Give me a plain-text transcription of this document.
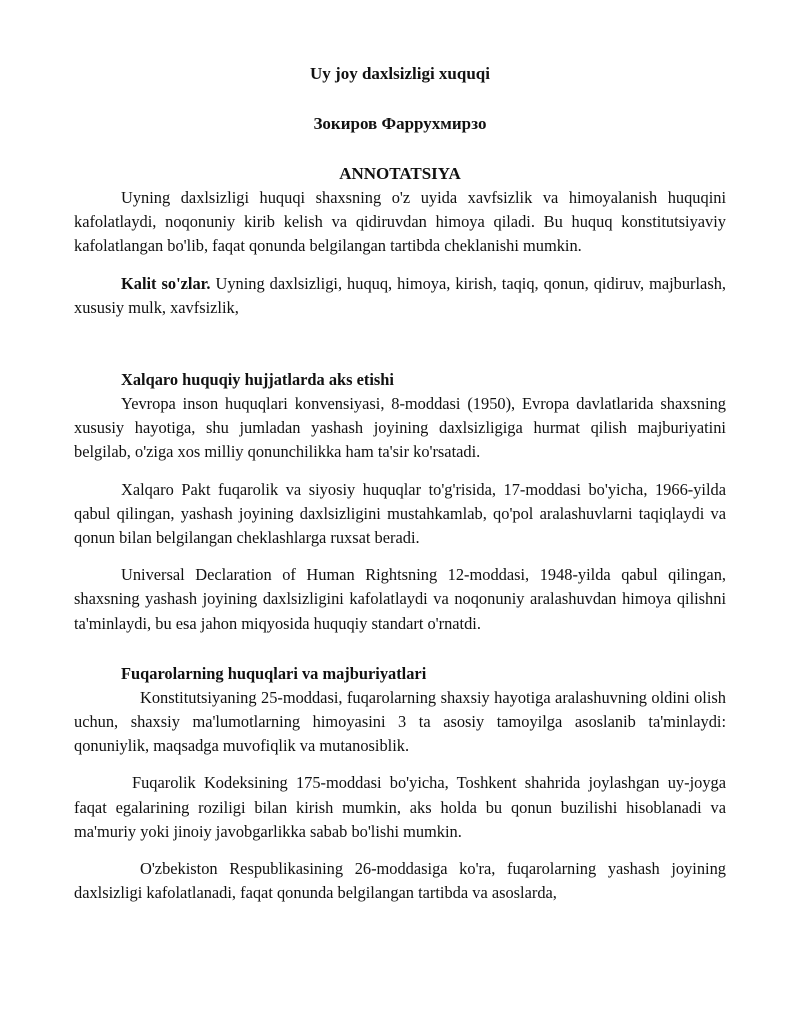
Uy joy daxlsizligi xuquqi
Зокиров Фаррухмирзо
ANNOTATSIYA

Uyning daxlsizligi huquqi shaxsning o'z uyida xavfsizlik va himoyalanish huquqini kafolatlaydi, noqonuniy kirib kelish va qidiruvdan himoya qiladi. Bu huquq konstitutsiyaviy kafolatlangan bo'lib, faqat qonunda belgilangan tartibda cheklanishi mumkin.

Kalit so'zlar. Uyning daxlsizligi, huquq, himoya, kirish, taqiq, qonun, qidiruv, majburlash, xususiy mulk, xavfsizlik,

Xalqaro huquqiy hujjatlarda aks etishi

Yevropa inson huquqlari konvensiyasi, 8-moddasi (1950), Evropa davlatlarida shaxsning xususiy hayotiga, shu jumladan yashash joyining daxlsizligiga hurmat qilish majburiyatini belgilab, o'ziga xos milliy qonunchilikka ham ta'sir ko'rsatadi.

Xalqaro Pakt fuqarolik va siyosiy huquqlar to'g'risida, 17-moddasi bo'yicha, 1966-yilda qabul qilingan, yashash joyining daxlsizligini mustahkamlab, qo'pol aralashuvlarni taqiqlaydi va qonun bilan belgilangan cheklashlarga ruxsat beradi.

Universal Declaration of Human Rightsning 12-moddasi, 1948-yilda qabul qilingan, shaxsning yashash joyining daxlsizligini kafolatlaydi va noqonuniy aralashuvdan himoya qilishni ta'minlaydi, bu esa jahon miqyosida huquqiy standart o'rnatdi.

Fuqarolarning huquqlari va majburiyatlari

Konstitutsiyaning 25-moddasi, fuqarolarning shaxsiy hayotiga aralashuvning oldini olish uchun, shaxsiy ma'lumotlarning himoyasini 3 ta asosiy tamoyilga asoslanib ta'minlaydi: qonuniylik, maqsadga muvofiqlik va mutanosiblik.

Fuqarolik Kodeksining 175-moddasi bo'yicha, Toshkent shahrida joylashgan uy-joyga faqat egalarining roziligi bilan kirish mumkin, aks holda bu qonun buzilishi hisoblanadi va ma'muriy yoki jinoiy javobgarlikka sabab bo'lishi mumkin.

O'zbekiston Respublikasining 26-moddasiga ko'ra, fuqarolarning yashash joyining daxlsizligi kafolatlanadi, faqat qonunda belgilangan tartibda va asoslarda,
